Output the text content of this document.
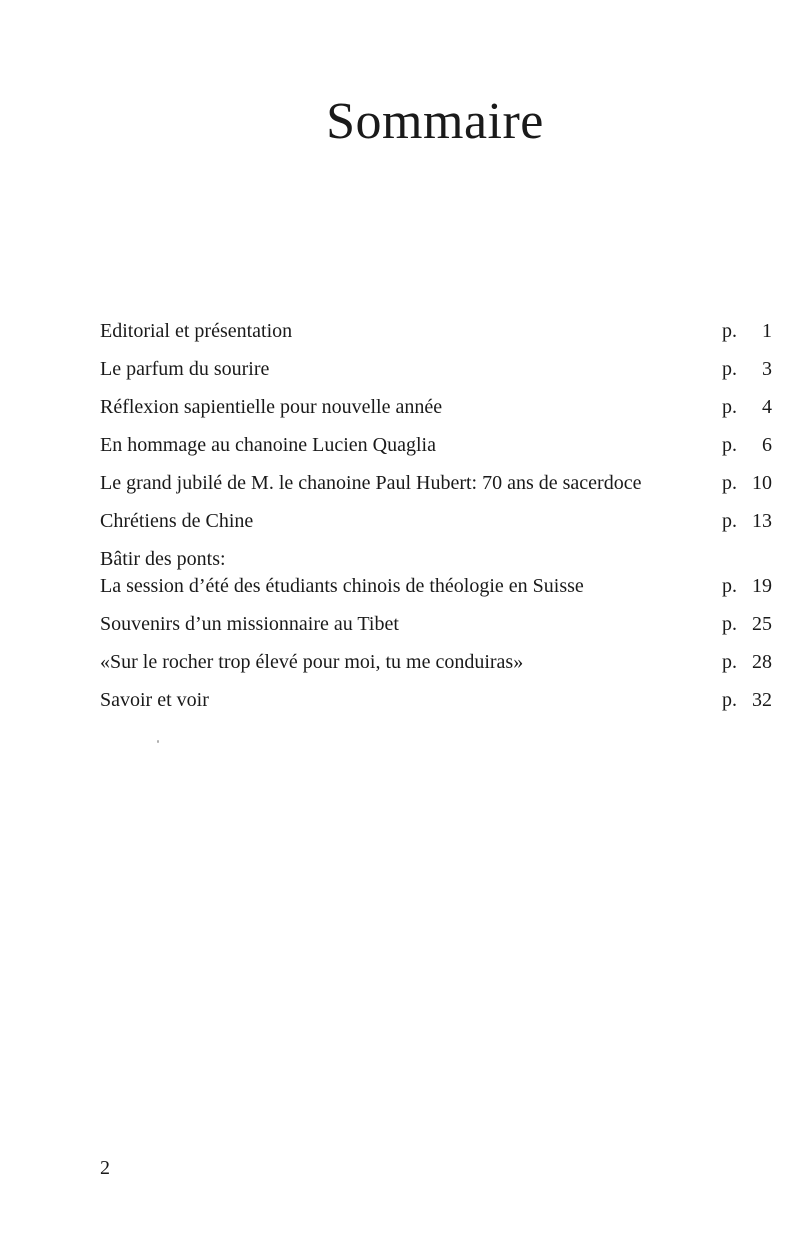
Sommaire
Editorial et présentation	p. 1
Le parfum du sourire	p. 3
Réflexion sapientielle pour nouvelle année	p. 4
En hommage au chanoine Lucien Quaglia	p. 6
Le grand jubilé de M. le chanoine Paul Hubert: 70 ans de sacerdoce	p. 10
Chrétiens de Chine	p. 13
Bâtir des ponts:
La session d’été des étudiants chinois de théologie en Suisse	p. 19
Souvenirs d’un missionnaire au Tibet	p. 25
«Sur le rocher trop élevé pour moi, tu me conduiras»	p. 28
Savoir et voir	p. 32

2
